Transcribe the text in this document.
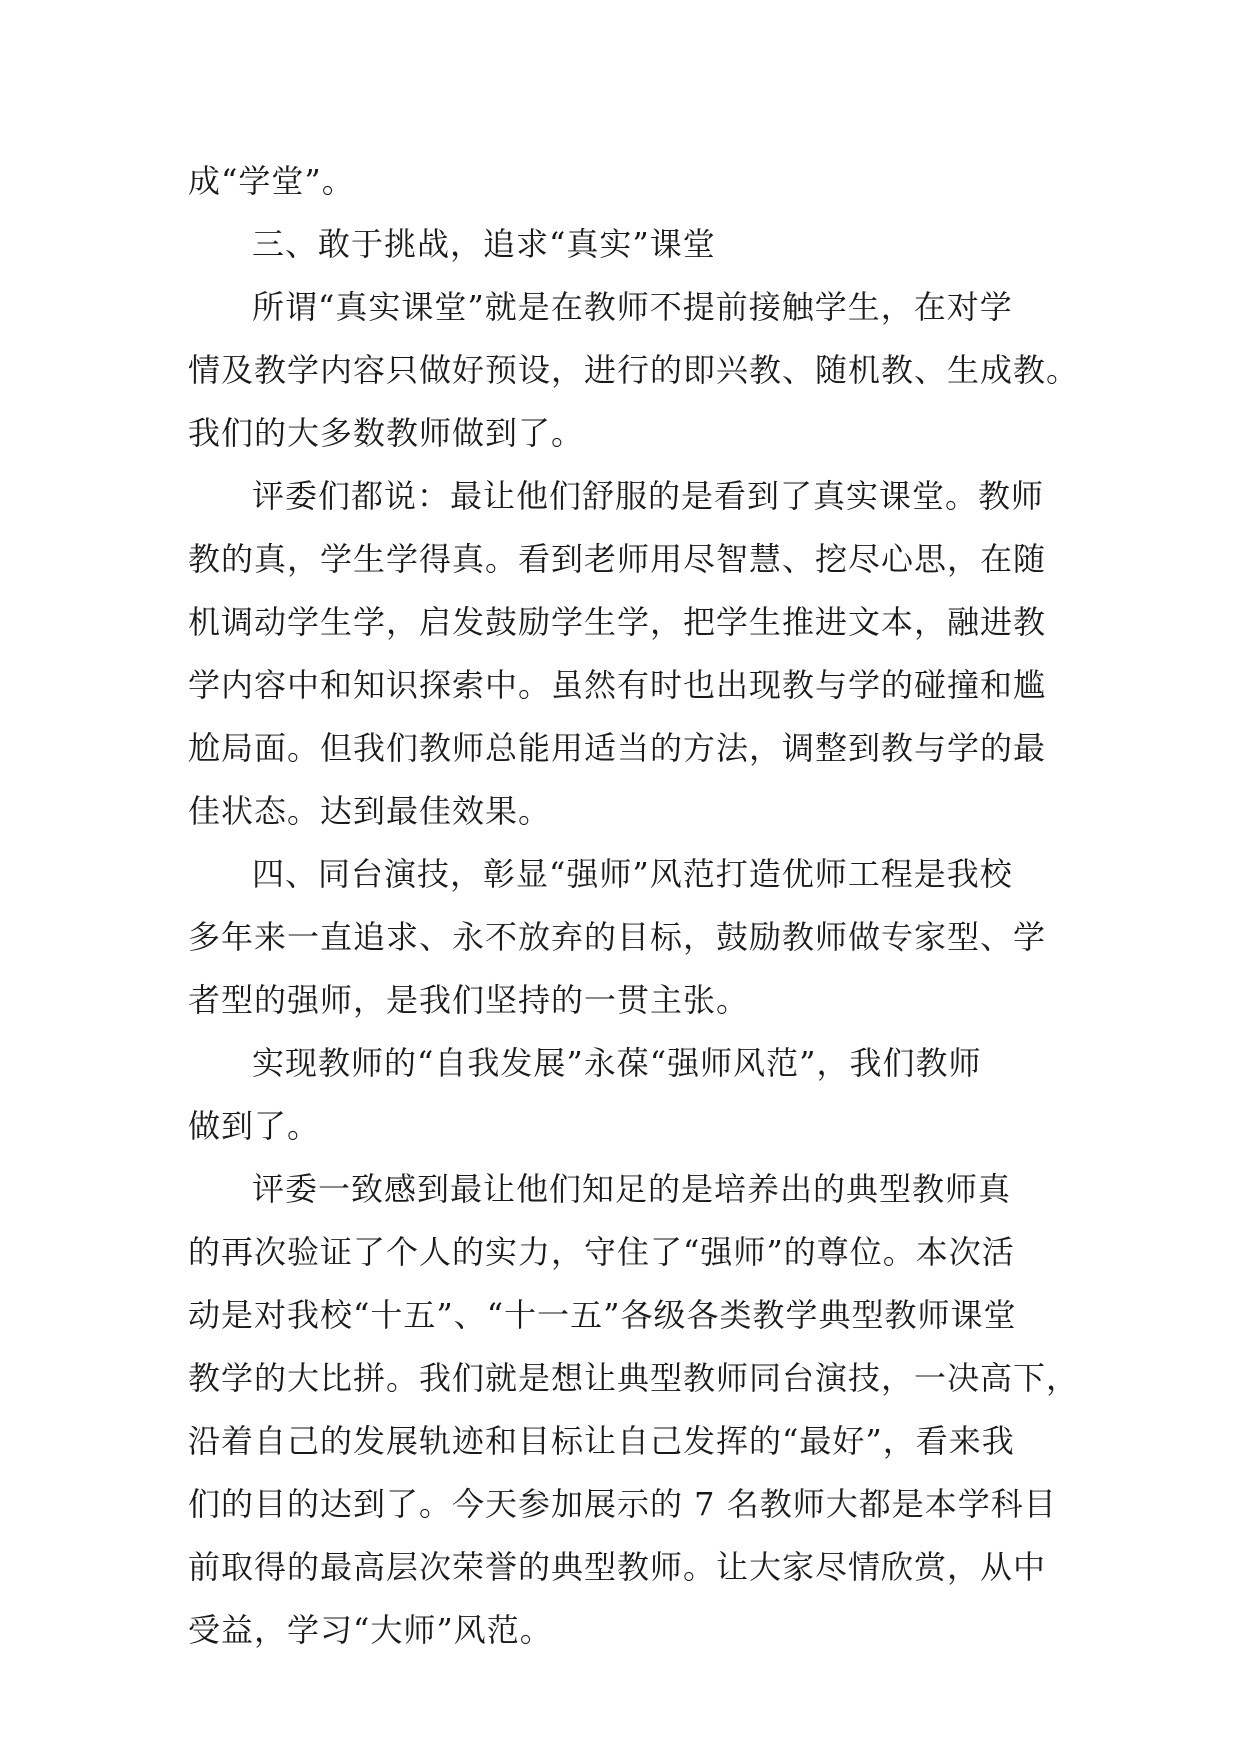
成“学堂”。
三、敢于挑战，追求“真实”课堂
所谓“真实课堂”就是在教师不提前接触学生，在对学
情及教学内容只做好预设，进行的即兴教、随机教、生成教。
我们的大多数教师做到了。
评委们都说：最让他们舒服的是看到了真实课堂。教师
教的真，学生学得真。看到老师用尽智慧、挖尽心思，在随
机调动学生学，启发鼓励学生学，把学生推进文本，融进教
学内容中和知识探索中。虽然有时也出现教与学的碰撞和尴
尬局面。但我们教师总能用适当的方法，调整到教与学的最
佳状态。达到最佳效果。
四、同台演技，彰显“强师”风范打造优师工程是我校
多年来一直追求、永不放弃的目标，鼓励教师做专家型、学
者型的强师，是我们坚持的一贯主张。
实现教师的“自我发展”永葆“强师风范”，我们教师
做到了。
评委一致感到最让他们知足的是培养出的典型教师真
的再次验证了个人的实力，守住了“强师”的尊位。本次活
动是对我校“十五”、“十一五”各级各类教学典型教师课堂
教学的大比拼。我们就是想让典型教师同台演技，一决高下，
沿着自己的发展轨迹和目标让自己发挥的“最好”，看来我
们的目的达到了。今天参加展示的 7 名教师大都是本学科目
前取得的最高层次荣誉的典型教师。让大家尽情欣赏，从中
受益，学习“大师”风范。
